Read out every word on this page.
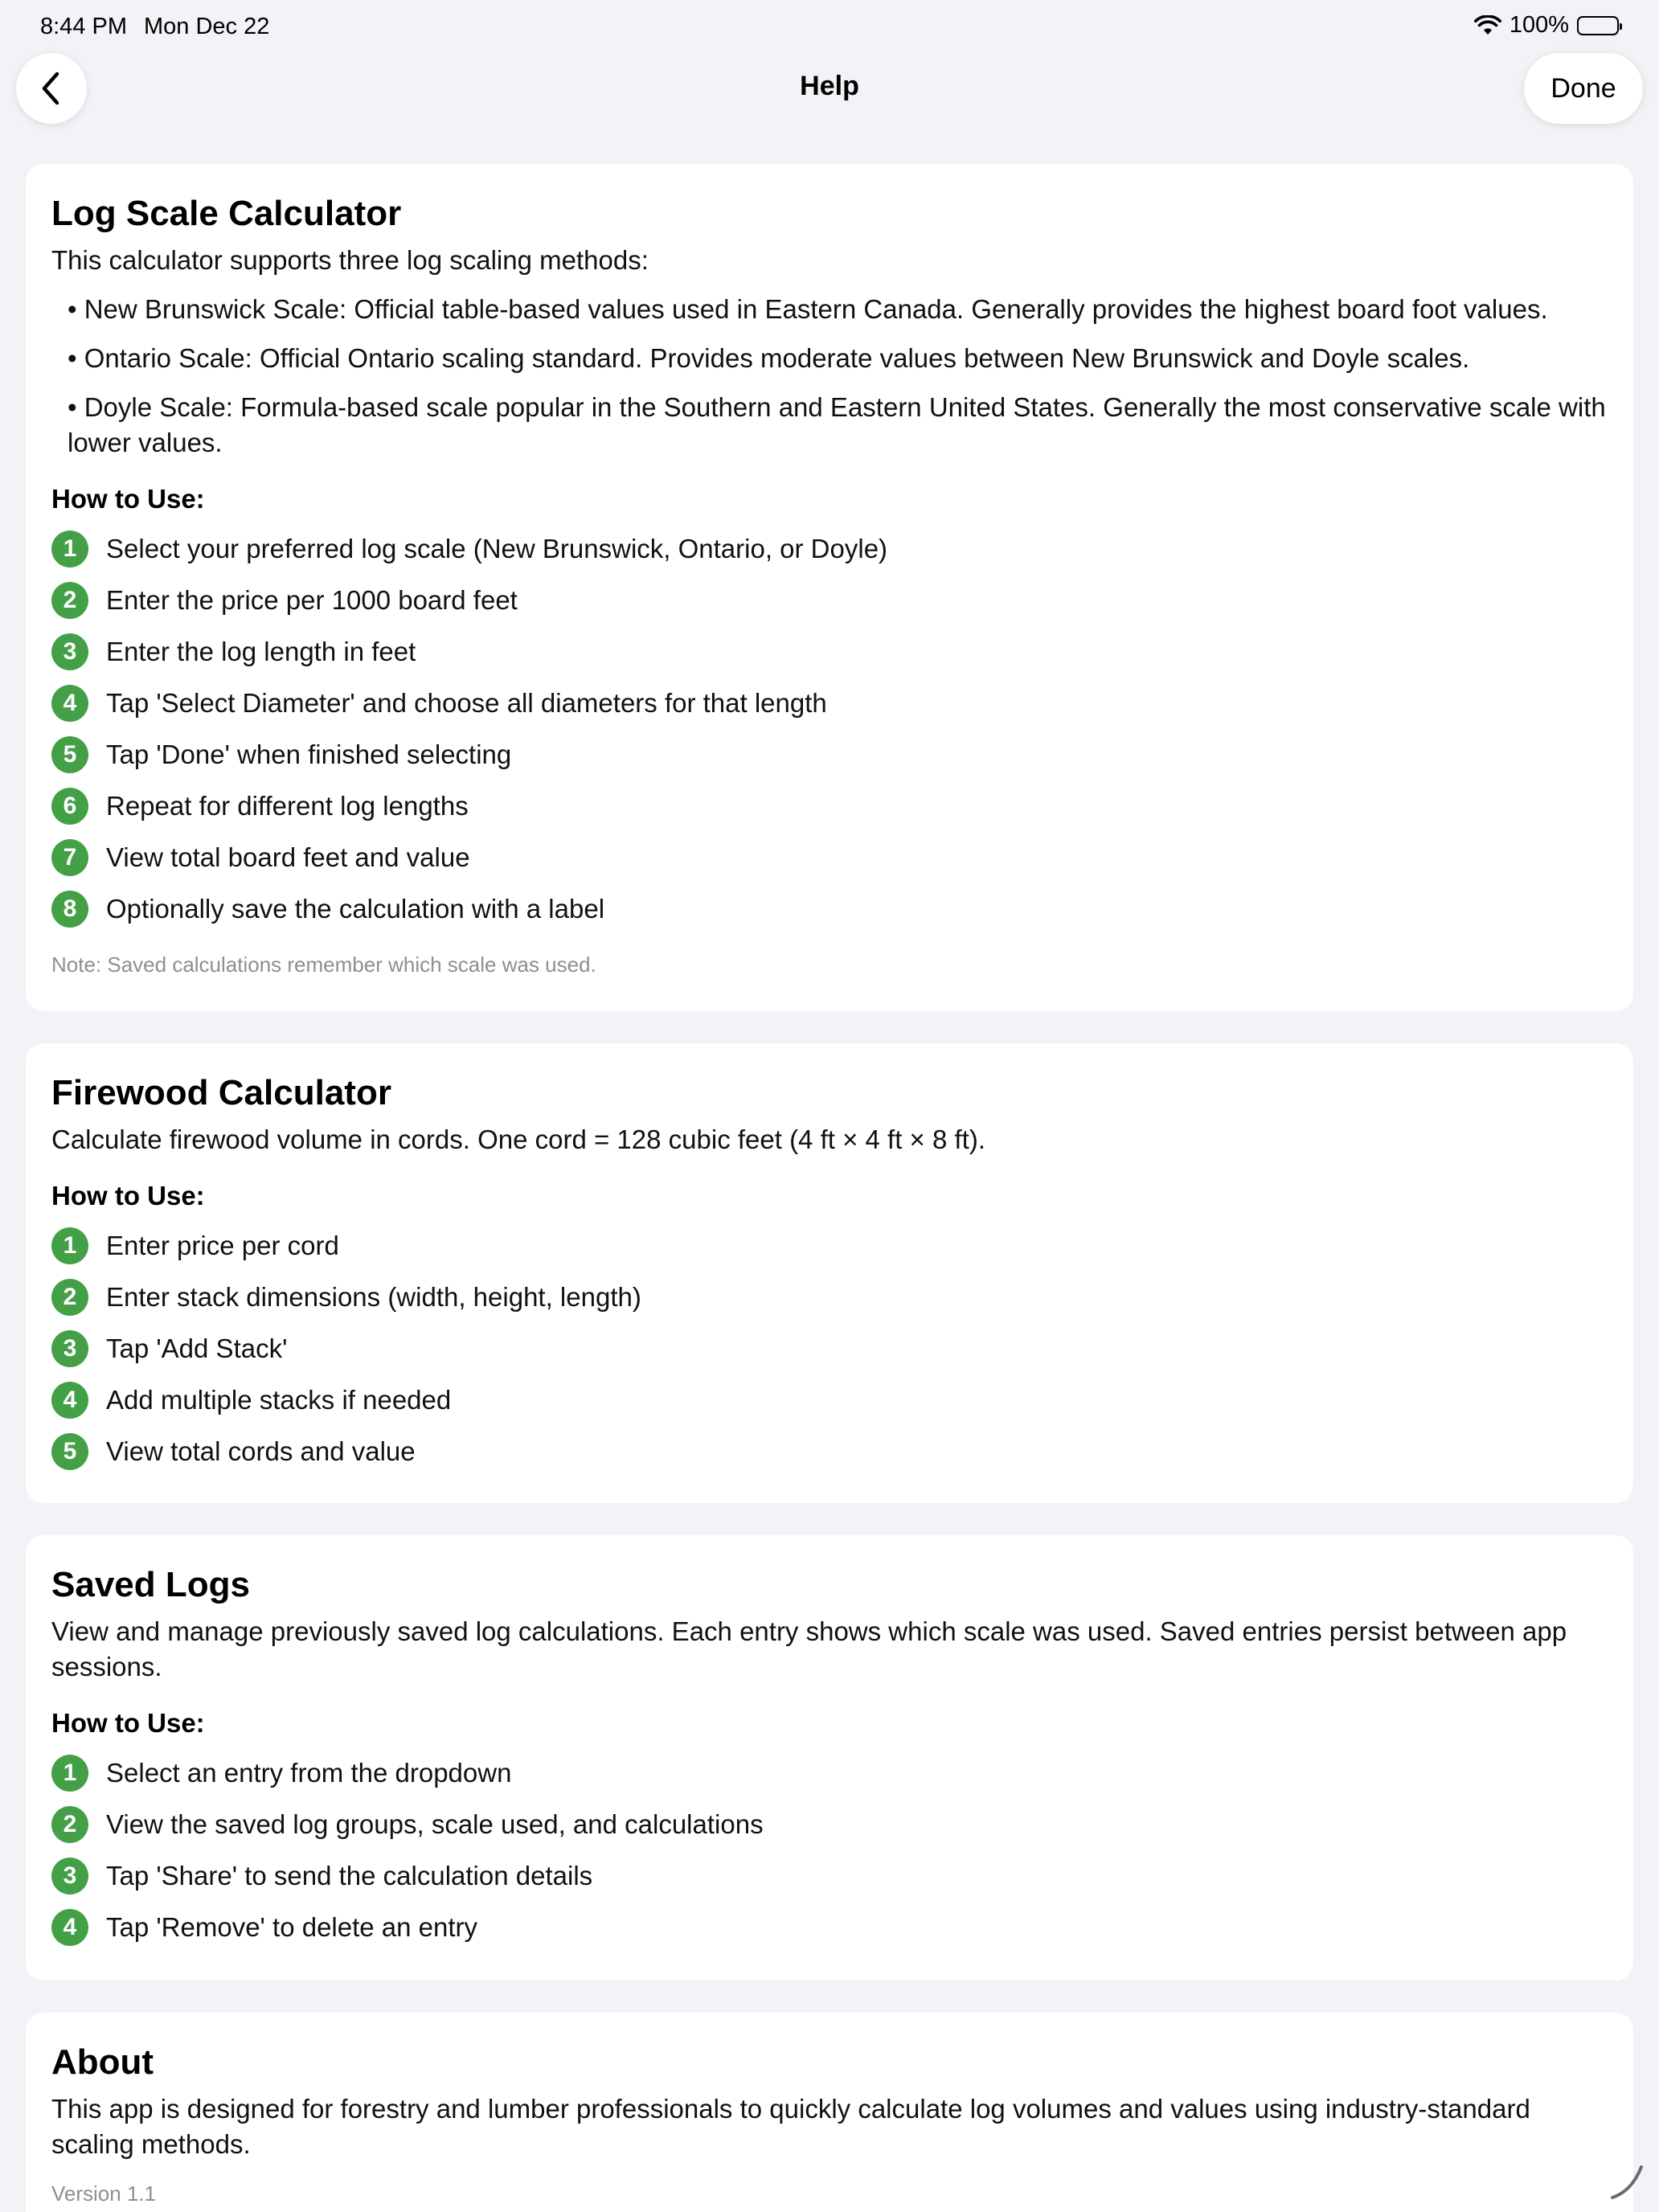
8:44 PM Mon Dec 22	100%
Help	Done
Log Scale Calculator

This calculator supports three log scaling methods:

• New Brunswick Scale: Official table-based values used in Eastern Canada. Generally provides the highest board foot values.

• Ontario Scale: Official Ontario scaling standard. Provides moderate values between New Brunswick and Doyle scales.

• Doyle Scale: Formula-based scale popular in the Southern and Eastern United States. Generally the most conservative scale with lower values.

How to Use:

1	Select your preferred log scale (New Brunswick, Ontario, or Doyle)
2	Enter the price per 1000 board feet
3	Enter the log length in feet
4	Tap 'Select Diameter' and choose all diameters for that length
5	Tap 'Done' when finished selecting
6	Repeat for different log lengths
7	View total board feet and value
8	Optionally save the calculation with a label

Note: Saved calculations remember which scale was used.

Firewood Calculator

Calculate firewood volume in cords. One cord = 128 cubic feet (4 ft × 4 ft × 8 ft).

How to Use:

1	Enter price per cord
2	Enter stack dimensions (width, height, length)
3	Tap 'Add Stack'
4	Add multiple stacks if needed
5	View total cords and value
Saved Logs

View and manage previously saved log calculations. Each entry shows which scale was used. Saved entries persist between app sessions.

How to Use:

1	Select an entry from the dropdown
2	View the saved log groups, scale used, and calculations
3	Tap 'Share' to send the calculation details
4	Tap 'Remove' to delete an entry
About

This app is designed for forestry and lumber professionals to quickly calculate log volumes and values using industry-standard scaling methods.

Version 1.1
